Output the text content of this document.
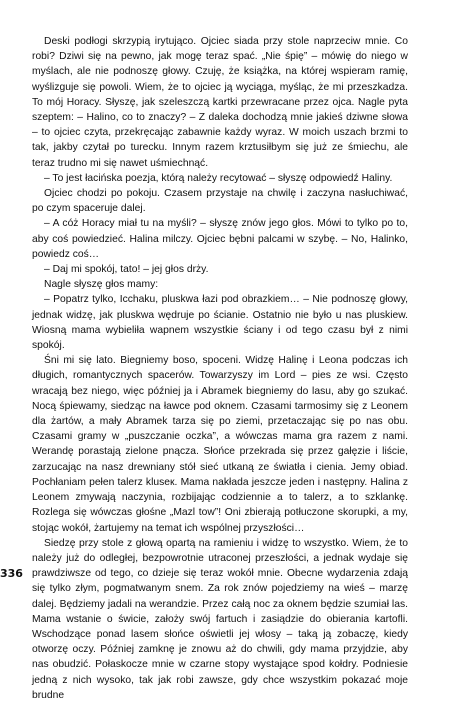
Deski podłogi skrzypią irytująco. Ojciec siada przy stole naprzeciw mnie. Co robi? Dziwi się na pewno, jak mogę teraz spać. „Nie śpię” – mówię do niego w myślach, ale nie podnoszę głowy. Czuję, że książka, na której wspieram ramię, wyślizguje się powoli. Wiem, że to ojciec ją wyciąga, myśląc, że mi przeszkadza. To mój Horacy. Słyszę, jak szeleszczą kartki przewracane przez ojca. Nagle pyta szeptem: – Halino, co to znaczy? – Z daleka dochodzą mnie jakieś dziwne słowa – to ojciec czyta, przekręcając zabawnie każdy wyraz. W moich uszach brzmi to tak, jakby czytał po turecku. Innym razem krztusiłbym się już ze śmiechu, ale teraz trudno mi się nawet uśmiechnąć.

– To jest łacińska poezja, którą należy recytować – słyszę odpowiedź Haliny.

Ojciec chodzi po pokoju. Czasem przystaje na chwilę i zaczyna nasłuchiwać, po czym spaceruje dalej.

– A cóż Horacy miał tu na myśli? – słyszę znów jego głos. Mówi to tylko po to, aby coś powiedzieć. Halina milczy. Ojciec bębni palcami w szybę. – No, Halinko, powiedz coś…

– Daj mi spokój, tato! – jej głos drży.

Nagle słyszę głos mamy:

– Popatrz tylko, Icchaku, pluskwa łazi pod obrazkiem… – Nie podnoszę głowy, jednak widzę, jak pluskwa wędruje po ścianie. Ostatnio nie było u nas pluskiew. Wiosną mama wybieliła wapnem wszystkie ściany i od tego czasu był z nimi spokój.

Śni mi się lato. Biegniemy boso, spoceni. Widzę Halinę i Leona podczas ich długich, romantycznych spacerów. Towarzyszy im Lord – pies ze wsi. Często wracają bez niego, więc później ja i Abramek biegniemy do lasu, aby go szukać. Nocą śpiewamy, siedząc na ławce pod oknem. Czasami tarmosimy się z Leonem dla żartów, a mały Abramek tarza się po ziemi, przetaczając się po nas obu. Czasami gramy w „puszczanie oczka”, a wówczas mama gra razem z nami. Werandę porastają zielone pnącza. Słońce przekrada się przez gałęzie i liście, zarzucając na nasz drewniany stół sieć utkaną ze światła i cienia. Jemy obiad. Pochłaniam pełen talerz kluseк. Mama nakłada jeszcze jeden i następny. Halina z Leonem zmywają naczynia, rozbijając codziennie a to talerz, a to szklankę. Rozlega się wówczas głośne „Mazl tow”! Oni zbierają potłuczone skorupki, a my, stojąc wokół, żartujemy na temat ich wspólnej przyszłości…

Siedzę przy stole z głową opartą na ramieniu i widzę to wszystko. Wiem, że to należy już do odległej, bezpowrotnie utraconej przeszłości, a jednak wydaje się prawdziwsze od tego, co dzieje się teraz wokół mnie. Obecne wydarzenia zdają się tylko złym, pogmatwanym snem. Za rok znów pojedziemy na wieś – marzę dalej. Będziemy jadali na werandzie. Przez całą noc za oknem będzie szumiał las. Mama wstanie o świcie, założy swój fartuch i zasiądzie do obierania kartofli. Wschodzące ponad lasem słońce oświetli jej włosy – taką ją zobaczę, kiedy otworzę oczy. Później zamknę je znowu aż do chwili, gdy mama przyjdzie, aby nas obudzić. Połaskocze mnie w czarne stopy wystające spod kołdry. Podniesie jedną z nich wysoko, tak jak robi zawsze, gdy chce wszystkim pokazać moje brudne

336
